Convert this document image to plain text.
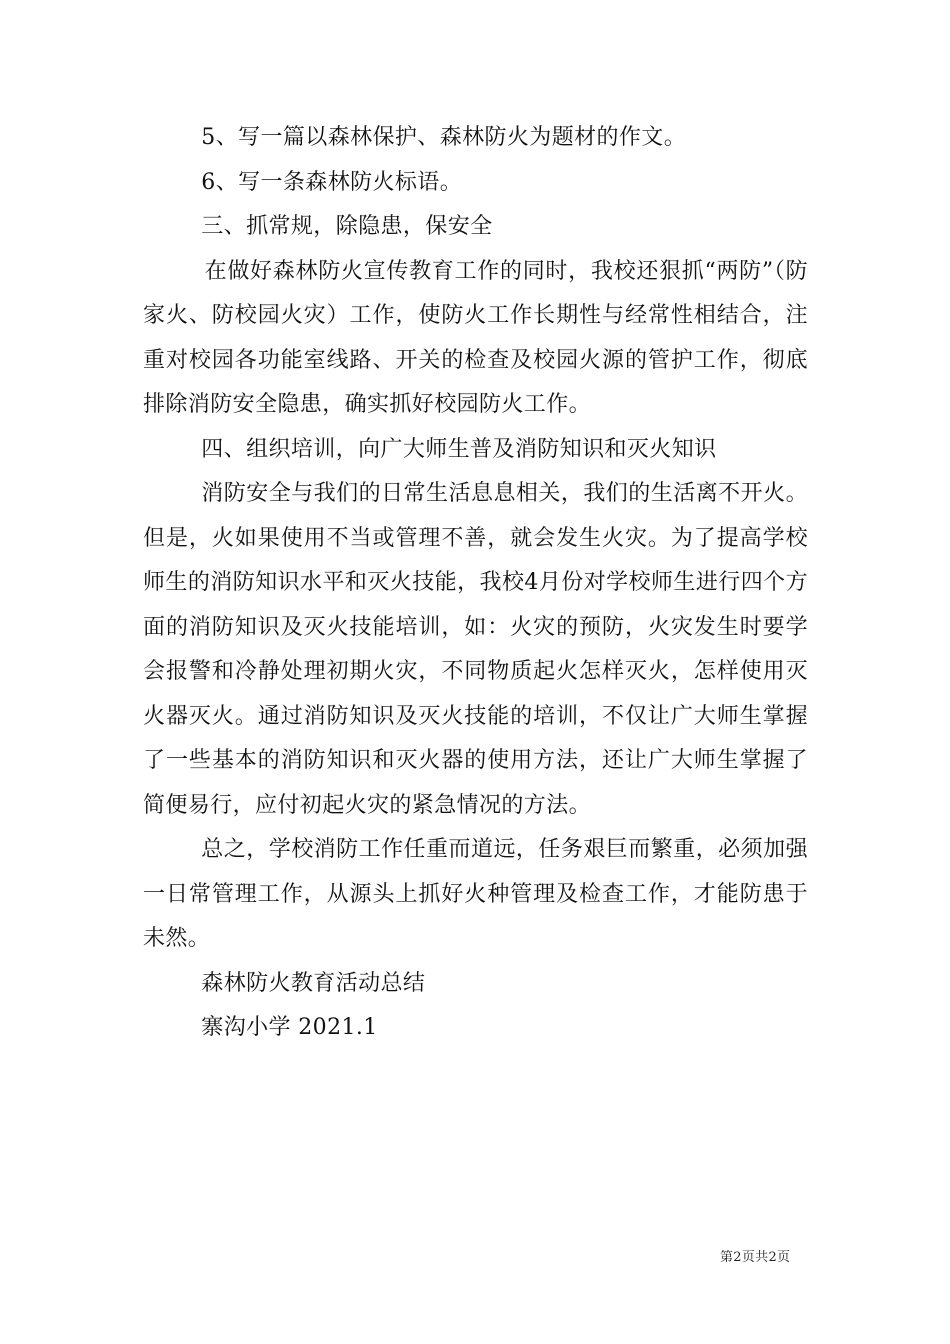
5、写一篇以森林保护、森林防火为题材的作文。

6、写一条森林防火标语。

三、抓常规，除隐患，保安全

在做好森林防火宣传教育工作的同时，我校还狠抓“两防”（防家火、防校园火灾）工作，使防火工作长期性与经常性相结合，注重对校园各功能室线路、开关的检查及校园火源的管护工作，彻底排除消防安全隐患，确实抓好校园防火工作。

四、组织培训，向广大师生普及消防知识和灭火知识

消防安全与我们的日常生活息息相关，我们的生活离不开火。但是，火如果使用不当或管理不善，就会发生火灾。为了提高学校师生的消防知识水平和灭火技能，我校4月份对学校师生进行四个方面的消防知识及灭火技能培训，如：火灾的预防，火灾发生时要学会报警和冷静处理初期火灾，不同物质起火怎样灭火，怎样使用灭火器灭火。通过消防知识及灭火技能的培训，不仅让广大师生掌握了一些基本的消防知识和灭火器的使用方法，还让广大师生掌握了简便易行，应付初起火灾的紧急情况的方法。

总之，学校消防工作任重而道远，任务艰巨而繁重，必须加强一日常管理工作，从源头上抓好火种管理及检查工作，才能防患于未然。

森林防火教育活动总结

寨沟小学 2021.1

第2页共2页
